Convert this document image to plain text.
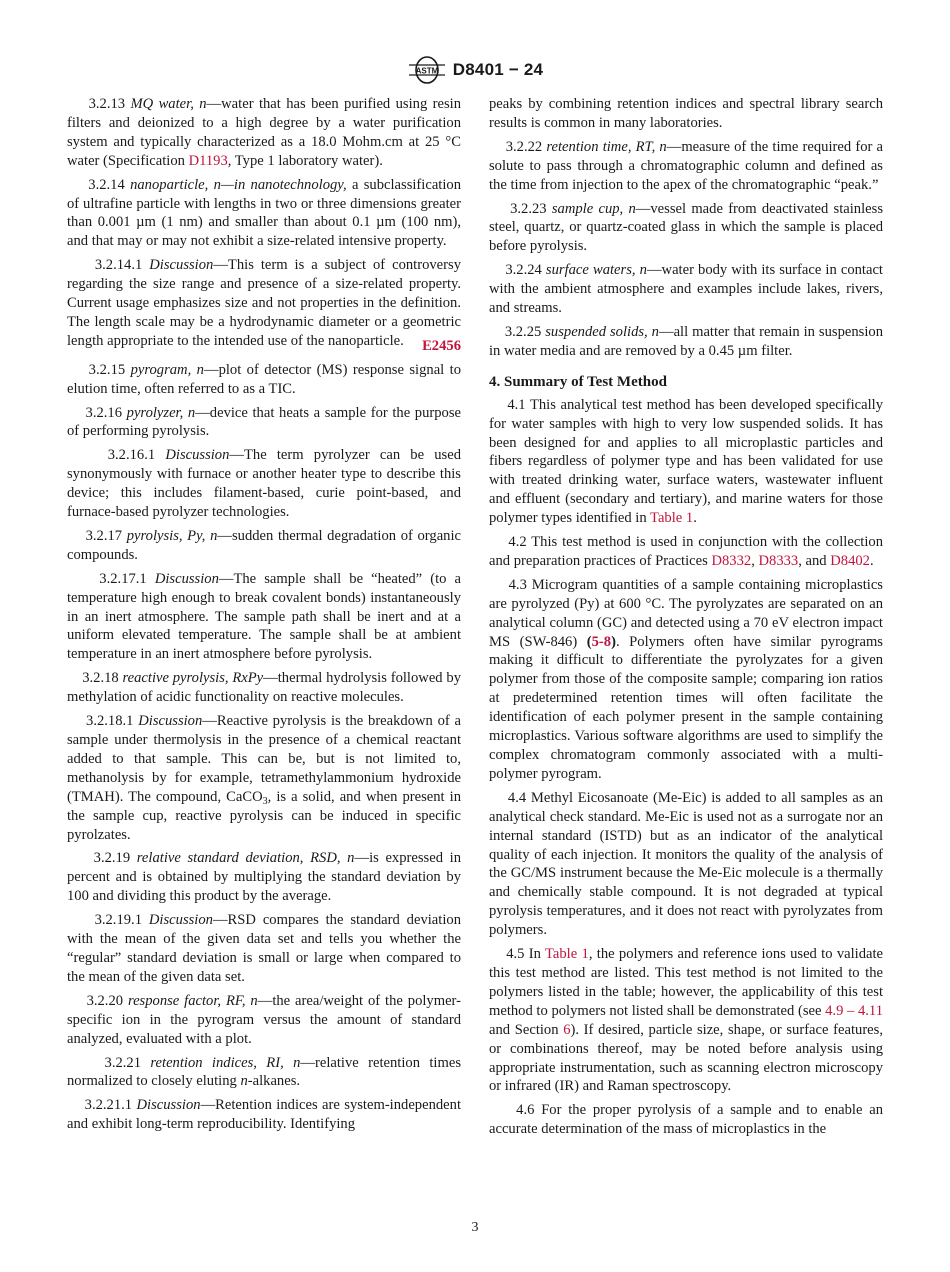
ASTM D8401 − 24

3.2.13 MQ water, n—water that has been purified using resin filters and deionized to a high degree by a water purification system and typically characterized as a 18.0 Mohm.cm at 25 °C water (Specification D1193, Type 1 laboratory water).

3.2.14 nanoparticle, n—in nanotechnology, a subclassification of ultrafine particle with lengths in two or three dimensions greater than 0.001 µm (1 nm) and smaller than about 0.1 µm (100 nm), and that may or may not exhibit a size-related intensive property.

3.2.14.1 Discussion—This term is a subject of controversy regarding the size range and presence of a size-related property. Current usage emphasizes size and not properties in the definition. The length scale may be a hydrodynamic diameter or a geometric length appropriate to the intended use of the nanoparticle.	E2456

3.2.15 pyrogram, n—plot of detector (MS) response signal to elution time, often referred to as a TIC.

3.2.16 pyrolyzer, n—device that heats a sample for the purpose of performing pyrolysis.

3.2.16.1 Discussion—The term pyrolyzer can be used synonymously with furnace or another heater type to describe this device; this includes filament-based, curie point-based, and furnace-based pyrolyzer technologies.

3.2.17 pyrolysis, Py, n—sudden thermal degradation of organic compounds.

3.2.17.1 Discussion—The sample shall be “heated” (to a temperature high enough to break covalent bonds) instantaneously in an inert atmosphere. The sample path shall be inert and at a uniform elevated temperature. The sample shall be at ambient temperature in an inert atmosphere before pyrolysis.

3.2.18 reactive pyrolysis, RxPy—thermal hydrolysis followed by methylation of acidic functionality on reactive molecules.

3.2.18.1 Discussion—Reactive pyrolysis is the breakdown of a sample under thermolysis in the presence of a chemical reactant added to that sample. This can be, but is not limited to, methanolysis by for example, tetramethylammonium hydroxide (TMAH). The compound, CaCO$_3$, is a solid, and when present in the sample cup, reactive pyrolysis can be induced in specific pyrolzates.

3.2.19 relative standard deviation, RSD, n—is expressed in percent and is obtained by multiplying the standard deviation by 100 and dividing this product by the average.

3.2.19.1 Discussion—RSD compares the standard deviation with the mean of the given data set and tells you whether the “regular” standard deviation is small or large when compared to the mean of the given data set.

3.2.20 response factor, RF, n—the area/weight of the polymer-specific ion in the pyrogram versus the amount of standard analyzed, evaluated with a plot.

3.2.21 retention indices, RI, n—relative retention times normalized to closely eluting n-alkanes.

3.2.21.1 Discussion—Retention indices are system-independent and exhibit long-term reproducibility. Identifying

peaks by combining retention indices and spectral library search results is common in many laboratories.

3.2.22 retention time, RT, n—measure of the time required for a solute to pass through a chromatographic column and defined as the time from injection to the apex of the chromatographic “peak.”

3.2.23 sample cup, n—vessel made from deactivated stainless steel, quartz, or quartz-coated glass in which the sample is placed before pyrolysis.

3.2.24 surface waters, n—water body with its surface in contact with the ambient atmosphere and examples include lakes, rivers, and streams.

3.2.25 suspended solids, n—all matter that remain in suspension in water media and are removed by a 0.45 µm filter.

4. Summary of Test Method

4.1 This analytical test method has been developed specifically for water samples with high to very low suspended solids. It has been designed for and applies to all microplastic particles and fibers regardless of polymer type and has been validated for use with treated drinking water, surface waters, wastewater influent and effluent (secondary and tertiary), and marine waters for those polymer types identified in Table 1.

4.2 This test method is used in conjunction with the collection and preparation practices of Practices D8332, D8333, and D8402.

4.3 Microgram quantities of a sample containing microplastics are pyrolyzed (Py) at 600 °C. The pyrolyzates are separated on an analytical column (GC) and detected using a 70 eV electron impact MS (SW-846) (5-8). Polymers often have similar pyrograms making it difficult to differentiate the pyrolyzates for a given polymer from those of the composite sample; comparing ion ratios at predetermined retention times will often facilitate the identification of each polymer present in the sample containing microplastics. Various software algorithms are used to simplify the complex chromatogram commonly associated with a multi-polymer pyrogram.

4.4 Methyl Eicosanoate (Me-Eic) is added to all samples as an analytical check standard. Me-Eic is used not as a surrogate nor an internal standard (ISTD) but as an indicator of the analytical quality of each injection. It monitors the quality of the analysis of the GC/MS instrument because the Me-Eic molecule is a thermally and chemically stable compound. It is not degraded at typical pyrolysis temperatures, and it does not react with pyrolyzates from polymers.

4.5 In Table 1, the polymers and reference ions used to validate this test method are listed. This test method is not limited to the polymers listed in the table; however, the applicability of this test method to polymers not listed shall be demonstrated (see 4.9 – 4.11 and Section 6). If desired, particle size, shape, or surface features, or combinations thereof, may be noted before analysis using appropriate instrumentation, such as scanning electron microscopy or infrared (IR) and Raman spectroscopy.

4.6 For the proper pyrolysis of a sample and to enable an accurate determination of the mass of microplastics in the

3
